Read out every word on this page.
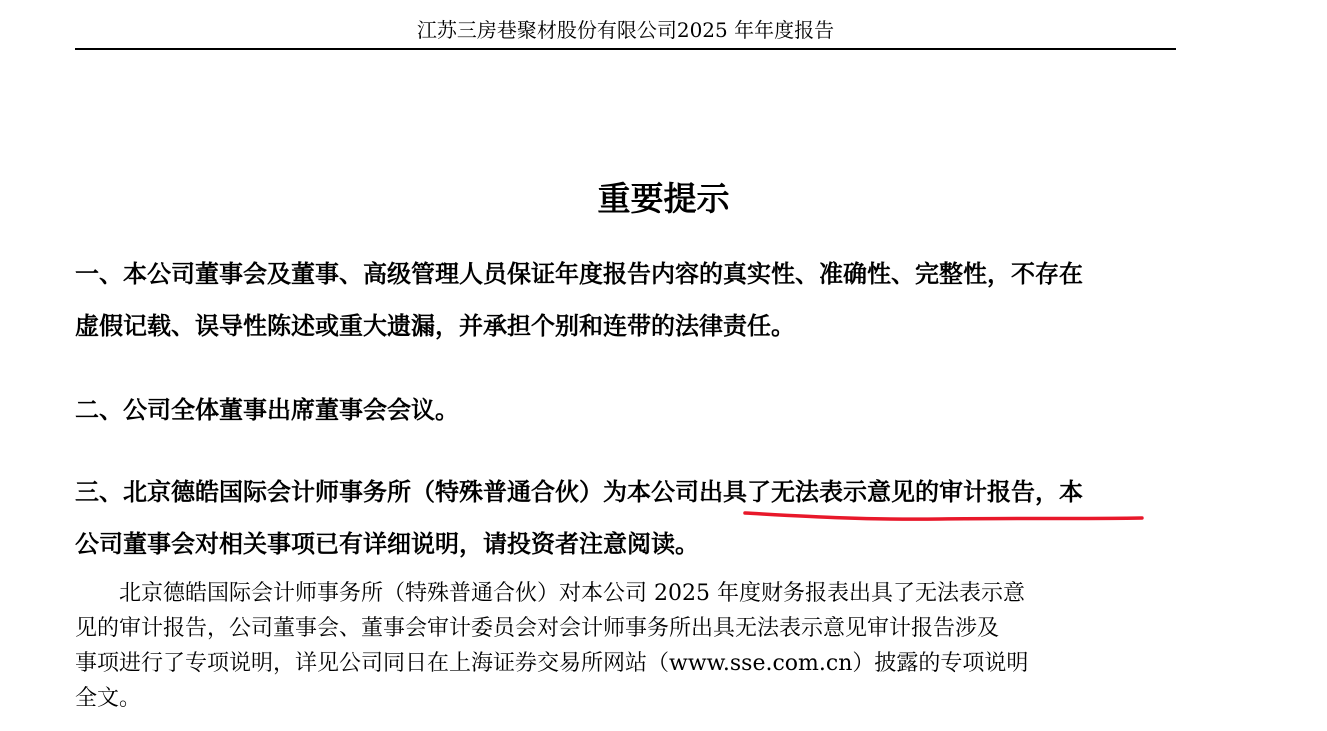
江苏三房巷聚材股份有限公司2025 年年度报告
重要提示

一、本公司董事会及董事、高级管理人员保证年度报告内容的真实性、准确性、完整性，不存在
虚假记载、误导性陈述或重大遗漏，并承担个别和连带的法律责任。

二、公司全体董事出席董事会会议。

三、北京德皓国际会计师事务所（特殊普通合伙）为本公司出具了无法表示意见的审计报告，本
公司董事会对相关事项已有详细说明，请投资者注意阅读。

北京德皓国际会计师事务所（特殊普通合伙）对本公司 2025 年度财务报表出具了无法表示意
见的审计报告，公司董事会、董事会审计委员会对会计师事务所出具无法表示意见审计报告涉及
事项进行了专项说明，详见公司同日在上海证券交易所网站（www.sse.com.cn）披露的专项说明
全文。
